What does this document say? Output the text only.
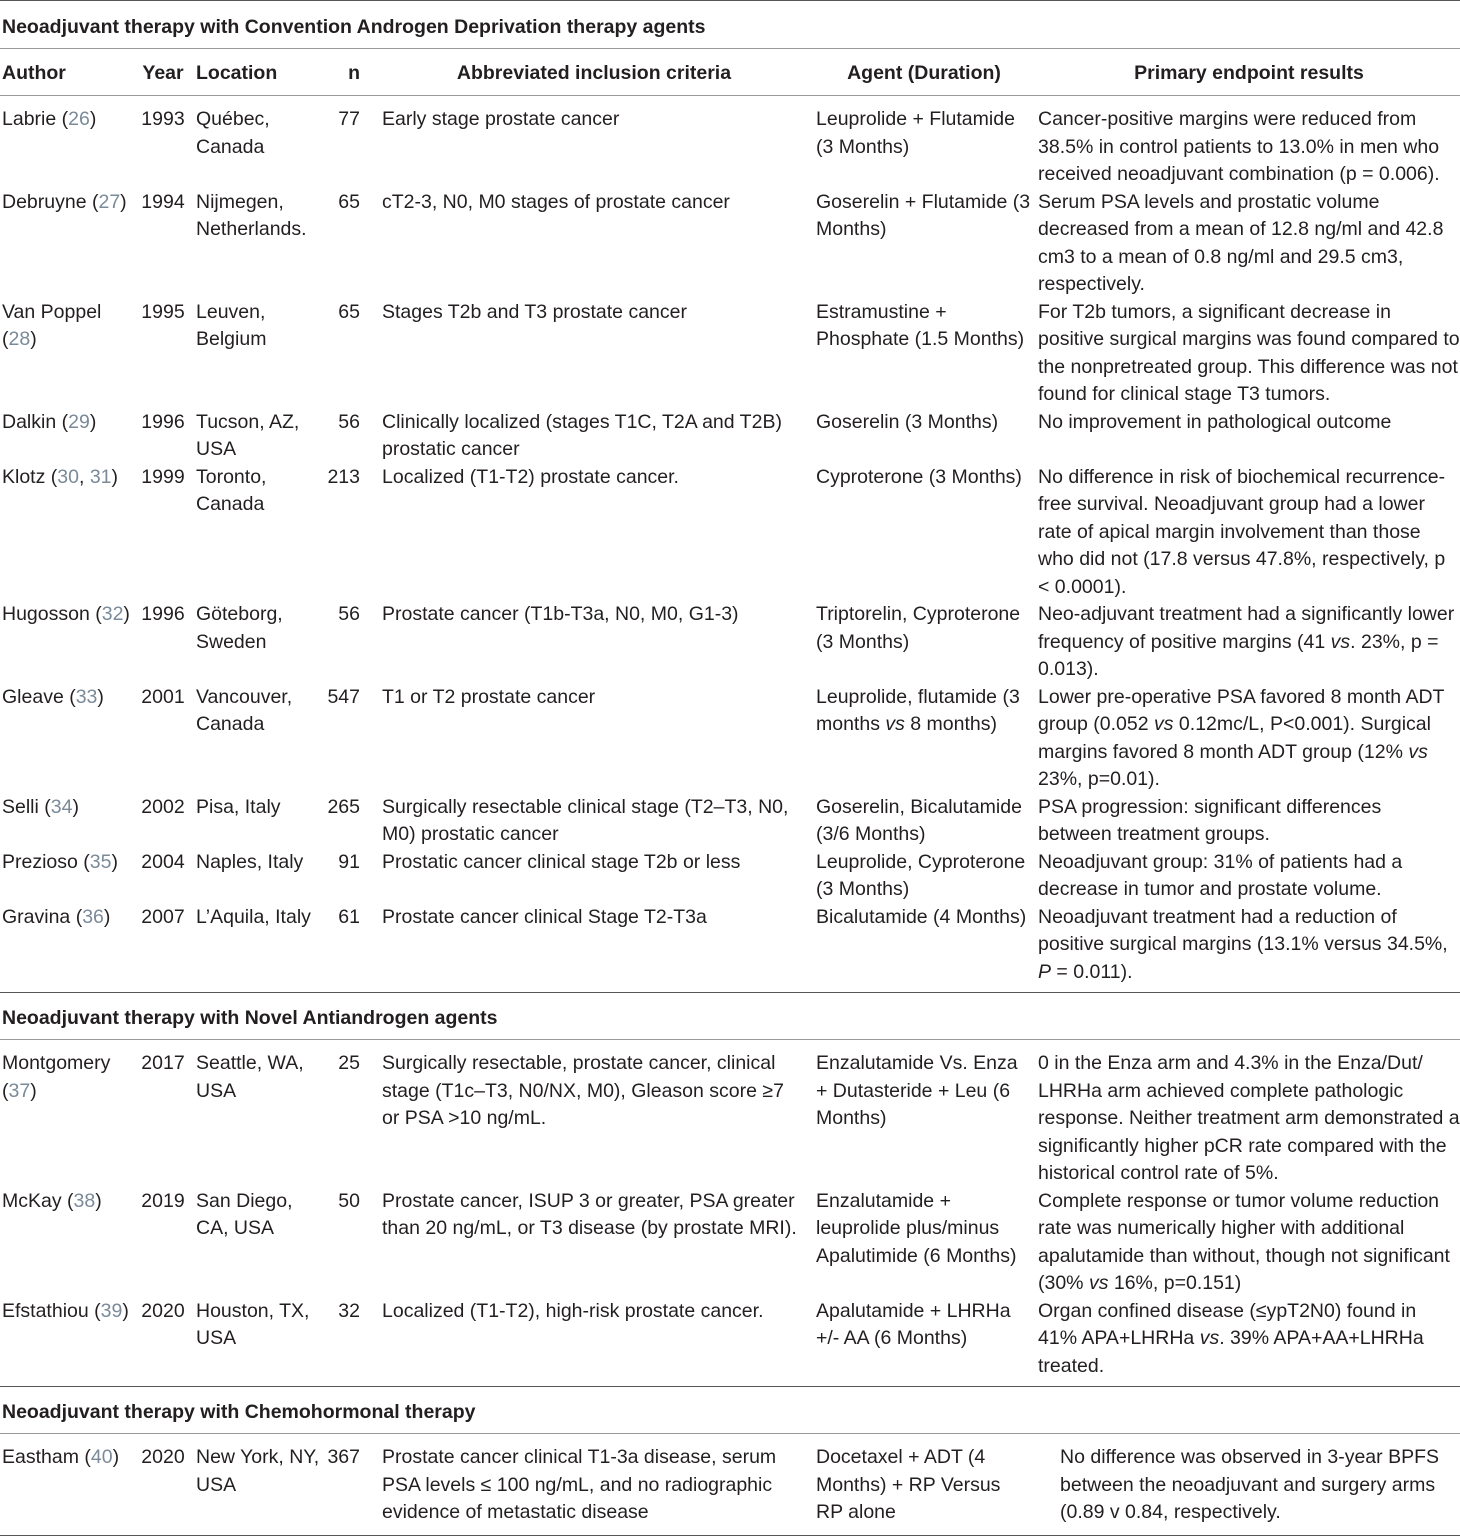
Neoadjuvant therapy with Convention Androgen Deprivation therapy agents						
Author	Year	Location	n	Abbreviated inclusion criteria	Agent (Duration)	Primary endpoint results
Labrie (26)	1993	Québec, Canada	77	Early stage prostate cancer	Leuprolide + Flutamide (3 Months)	Cancer-positive margins were reduced from 38.5% in control patients to 13.0% in men who received neoadjuvant combination (p = 0.006).
Debruyne (27)	1994	Nijmegen, Netherlands.	65	cT2-3, N0, M0 stages of prostate cancer	Goserelin + Flutamide (3 Months)	Serum PSA levels and prostatic volume decreased from a mean of 12.8 ng/ml and 42.8 cm3 to a mean of 0.8 ng/ml and 29.5 cm3, respectively.
Van Poppel (28)	1995	Leuven, Belgium	65	Stages T2b and T3 prostate cancer	Estramustine + Phosphate (1.5 Months)	For T2b tumors, a significant decrease in positive surgical margins was found compared to the nonpretreated group. This difference was not found for clinical stage T3 tumors.
Dalkin (29)	1996	Tucson, AZ, USA	56	Clinically localized (stages T1C, T2A and T2B) prostatic cancer	Goserelin (3 Months)	No improvement in pathological outcome
Klotz (30, 31)	1999	Toronto, Canada	213	Localized (T1-T2) prostate cancer.	Cyproterone (3 Months)	No difference in risk of biochemical recurrence-free survival. Neoadjuvant group had a lower rate of apical margin involvement than those who did not (17.8 versus 47.8%, respectively, p < 0.0001).
Hugosson (32)	1996	Göteborg, Sweden	56	Prostate cancer (T1b-T3a, N0, M0, G1-3)	Triptorelin, Cyproterone (3 Months)	Neo-adjuvant treatment had a significantly lower frequency of positive margins (41 vs. 23%, p = 0.013).
Gleave (33)	2001	Vancouver, Canada	547	T1 or T2 prostate cancer	Leuprolide, flutamide (3 months vs 8 months)	Lower pre-operative PSA favored 8 month ADT group (0.052 vs 0.12mc/L, P<0.001). Surgical margins favored 8 month ADT group (12% vs 23%, p=0.01).
Selli (34)	2002	Pisa, Italy	265	Surgically resectable clinical stage (T2–T3, N0, M0) prostatic cancer	Goserelin, Bicalutamide (3/6 Months)	PSA progression: significant differences between treatment groups.
Prezioso (35)	2004	Naples, Italy	91	Prostatic cancer clinical stage T2b or less	Leuprolide, Cyproterone (3 Months)	Neoadjuvant group: 31% of patients had a decrease in tumor and prostate volume.
Gravina (36)	2007	L’Aquila, Italy	61	Prostate cancer clinical Stage T2-T3a	Bicalutamide (4 Months)	Neoadjuvant treatment had a reduction of positive surgical margins (13.1% versus 34.5%, P = 0.011).
Neoadjuvant therapy with Novel Antiandrogen agents						
Montgomery (37)	2017	Seattle, WA, USA	25	Surgically resectable, prostate cancer, clinical stage (T1c–T3, N0/NX, M0), Gleason score ≥7 or PSA >10 ng/mL.	Enzalutamide Vs. Enza + Dutasteride + Leu (6 Months)	0 in the Enza arm and 4.3% in the Enza/Dut/ LHRHa arm achieved complete pathologic response. Neither treatment arm demonstrated a significantly higher pCR rate compared with the historical control rate of 5%.
McKay (38)	2019	San Diego, CA, USA	50	Prostate cancer, ISUP 3 or greater, PSA greater than 20 ng/mL, or T3 disease (by prostate MRI).	Enzalutamide + leuprolide plus/minus Apalutimide (6 Months)	Complete response or tumor volume reduction rate was numerically higher with additional apalutamide than without, though not significant (30% vs 16%, p=0.151)
Efstathiou (39)	2020	Houston, TX, USA	32	Localized (T1-T2), high-risk prostate cancer.	Apalutamide + LHRHa +/- AA (6 Months)	Organ confined disease (≤ypT2N0) found in 41% APA+LHRHa vs. 39% APA+AA+LHRHa treated.
Neoadjuvant therapy with Chemohormonal therapy						
Eastham (40)	2020	New York, NY, USA	367	Prostate cancer clinical T1-3a disease, serum PSA levels ≤ 100 ng/mL, and no radiographic evidence of metastatic disease	Docetaxel + ADT (4 Months) + RP Versus RP alone	No difference was observed in 3-year BPFS between the neoadjuvant and surgery arms (0.89 v 0.84, respectively.
